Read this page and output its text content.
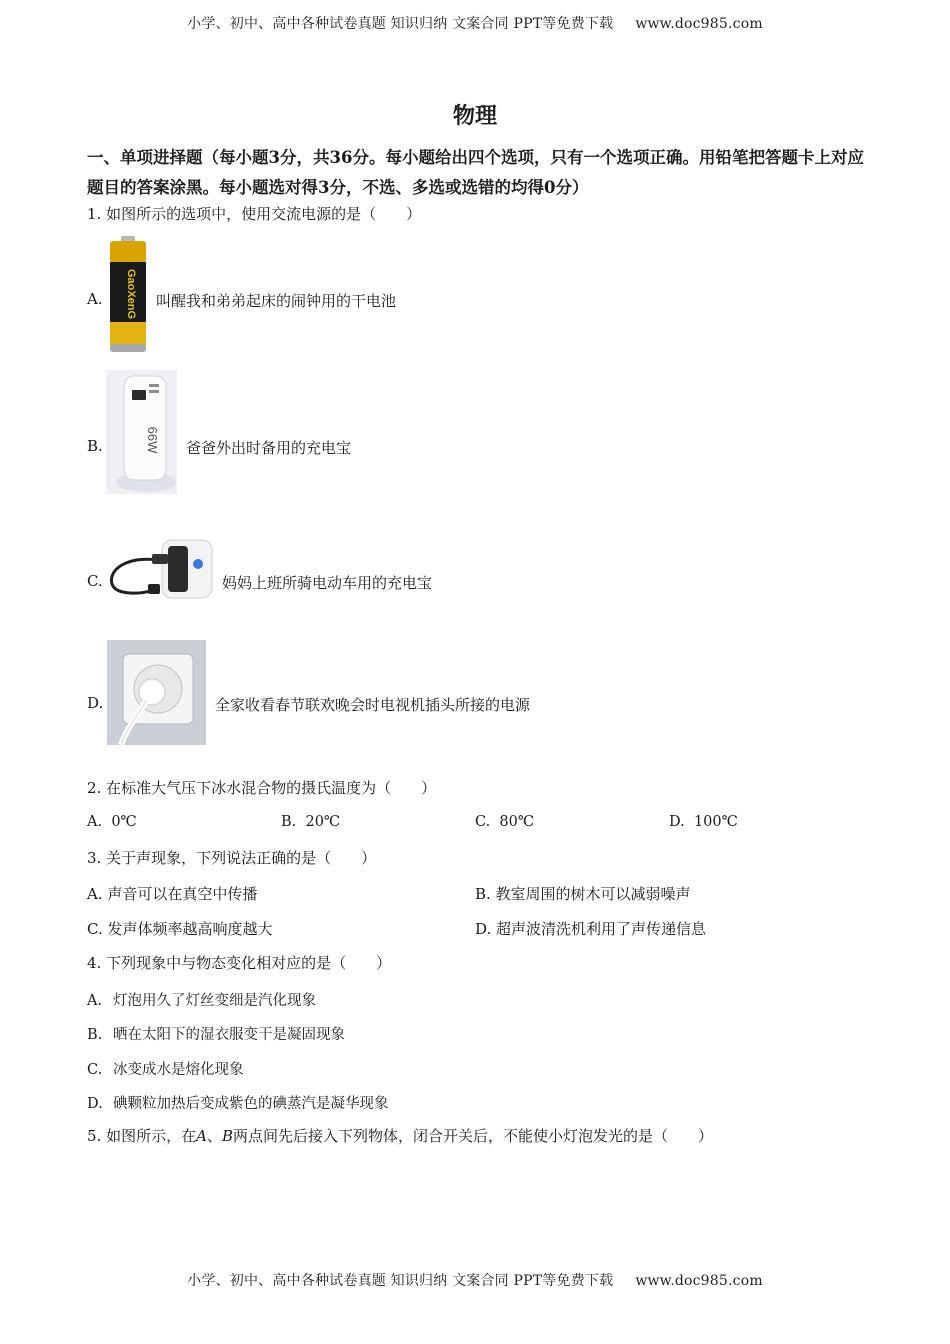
小学、初中、高中各种试卷真题 知识归纳 文案合同 PPT等免费下载 www.doc985.com
物理
一、单项进择题（每小题3分，共36分。每小题给出四个选项，只有一个选项正确。用铅笔把答题卡上对应题目的答案涂黑。每小题选对得3分，不选、多选或选错的均得0分）
1. 如图所示的选项中，使用交流电源的是（　　）
A. GaoXenG 叫醒我和弟弟起床的闹钟用的干电池
B.	66W 爸爸外出时备用的充电宝
C.	妈妈上班所骑电动车用的充电宝
D.	全家收看春节联欢晚会时电视机插头所接的电源
2. 在标准大气压下冰水混合物的摄氏温度为（　　）
A. 0℃	B. 20℃	C. 80℃	D. 100℃
3. 关于声现象，下列说法正确的是（　　）
A. 声音可以在真空中传播	B. 教室周围的树木可以减弱噪声
C. 发声体频率越高响度越大	D. 超声波清洗机利用了声传递信息
4. 下列现象中与物态变化相对应的是（　　）
A. 灯泡用久了灯丝变细是汽化现象
B. 晒在太阳下的湿衣服变干是凝固现象
C. 冰变成水是熔化现象
D. 碘颗粒加热后变成紫色的碘蒸汽是凝华现象
5. 如图所示，在A、B两点间先后接入下列物体，闭合开关后，不能使小灯泡发光的是（　　）
小学、初中、高中各种试卷真题 知识归纳 文案合同 PPT等免费下载 www.doc985.com
